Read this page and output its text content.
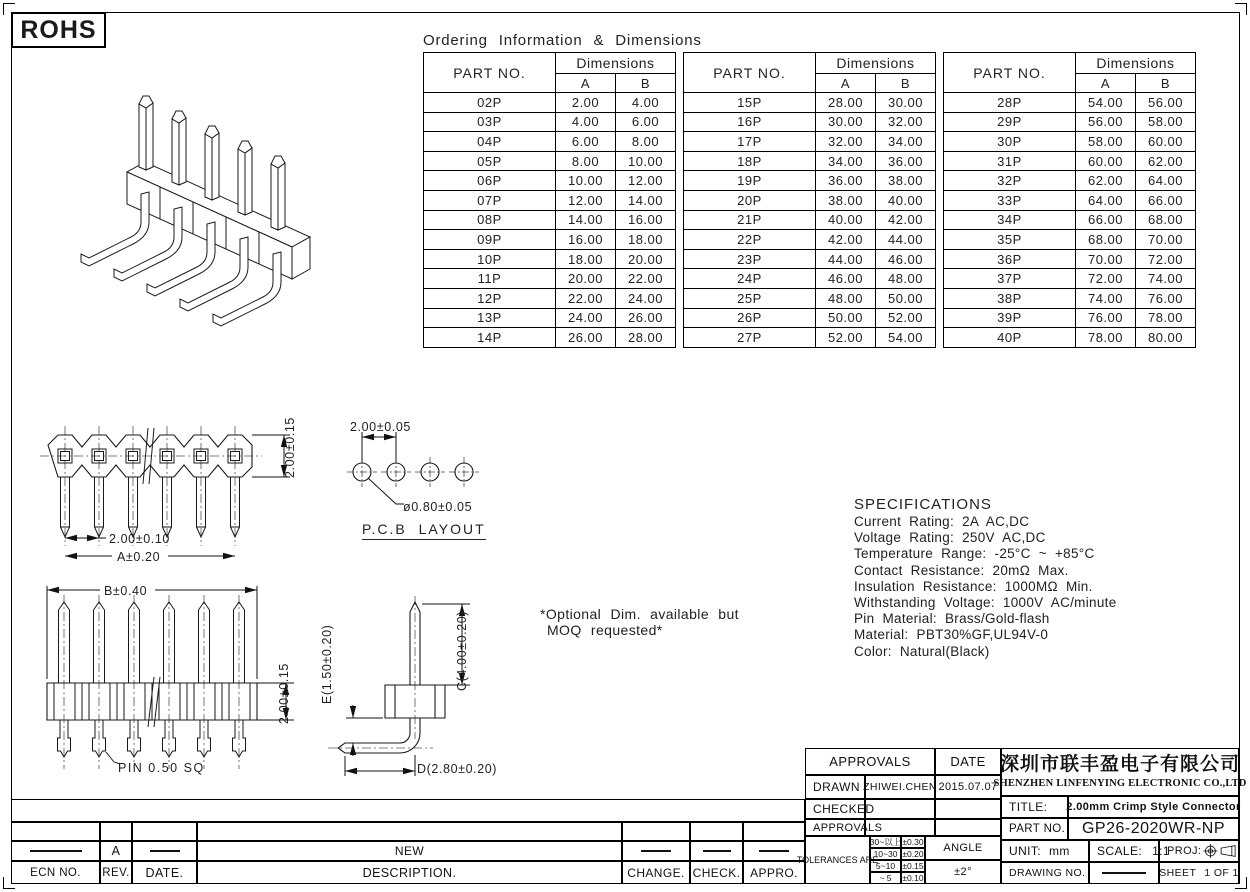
ROHS	Ordering Information & Dimensions
PART NO.	Dimensions	
	A	B
02P	2.00	4.00
03P	4.00	6.00
04P	6.00	8.00
05P	8.00	10.00
06P	10.00	12.00
07P	12.00	14.00
08P	14.00	16.00
09P	16.00	18.00
10P	18.00	20.00
11P	20.00	22.00
12P	22.00	24.00
13P	24.00	26.00
14P	26.00	28.00
PART NO.	Dimensions	
	A	B
15P	28.00	30.00
16P	30.00	32.00
17P	32.00	34.00
18P	34.00	36.00
19P	36.00	38.00
20P	38.00	40.00
21P	40.00	42.00
22P	42.00	44.00
23P	44.00	46.00
24P	46.00	48.00
25P	48.00	50.00
26P	50.00	52.00
27P	52.00	54.00
PART NO.	Dimensions	
	A	B
28P	54.00	56.00
29P	56.00	58.00
30P	58.00	60.00
31P	60.00	62.00
32P	62.00	64.00
33P	64.00	66.00
34P	66.00	68.00
35P	68.00	70.00
36P	70.00	72.00
37P	72.00	74.00
38P	74.00	76.00
39P	76.00	78.00
40P	78.00	80.00
2.00±0.10
A±0.20
2.00±0.15
B±0.40
2.00±0.15
PIN 0.50 SQ
E(1.50±0.20)	C(4.00±0.20)
D(2.80±0.20)
2.00±0.05
ø0.80±0.05
P.C.B LAYOUT
*Optional Dim. available but
MOQ requested*
SPECIFICATIONS
Current Rating: 2A AC,DC
Voltage Rating: 250V AC,DC
Temperature Range: -25°C ~ +85°C
Contact Resistance: 20mΩ Max.
Insulation Resistance: 1000MΩ Min.
Withstanding Voltage: 1000V AC/minute
Pin Material: Brass/Gold-flash
Material: PBT30%GF,UL94V-0
Color: Natural(Black)
APPROVALS	DATE
DRAWN ZHIWEI.CHEN 2015.07.07
CHECKED
APPROVALS
TOLERANCES ARE
30~以上 ±0.30
10~30 ±0.20
5~10 ±0.15
~ 5	±0.10
ANGLE
±2°
深圳市联丰盈电子有限公司
SHENZHEN LINFENYING ELECTRONIC CO.,LTD
TITLE:	2.00mm Crimp Style Connector
PART NO.	GP26-2020WR-NP
UNIT: mm SCALE: 1:1
PROJ:
DRAWING NO.	SHEET 1 OF 1
A	NEW
ECN NO.	REV.	DATE.	DESCRIPTION.	CHANGE. CHECK. APPRO.
